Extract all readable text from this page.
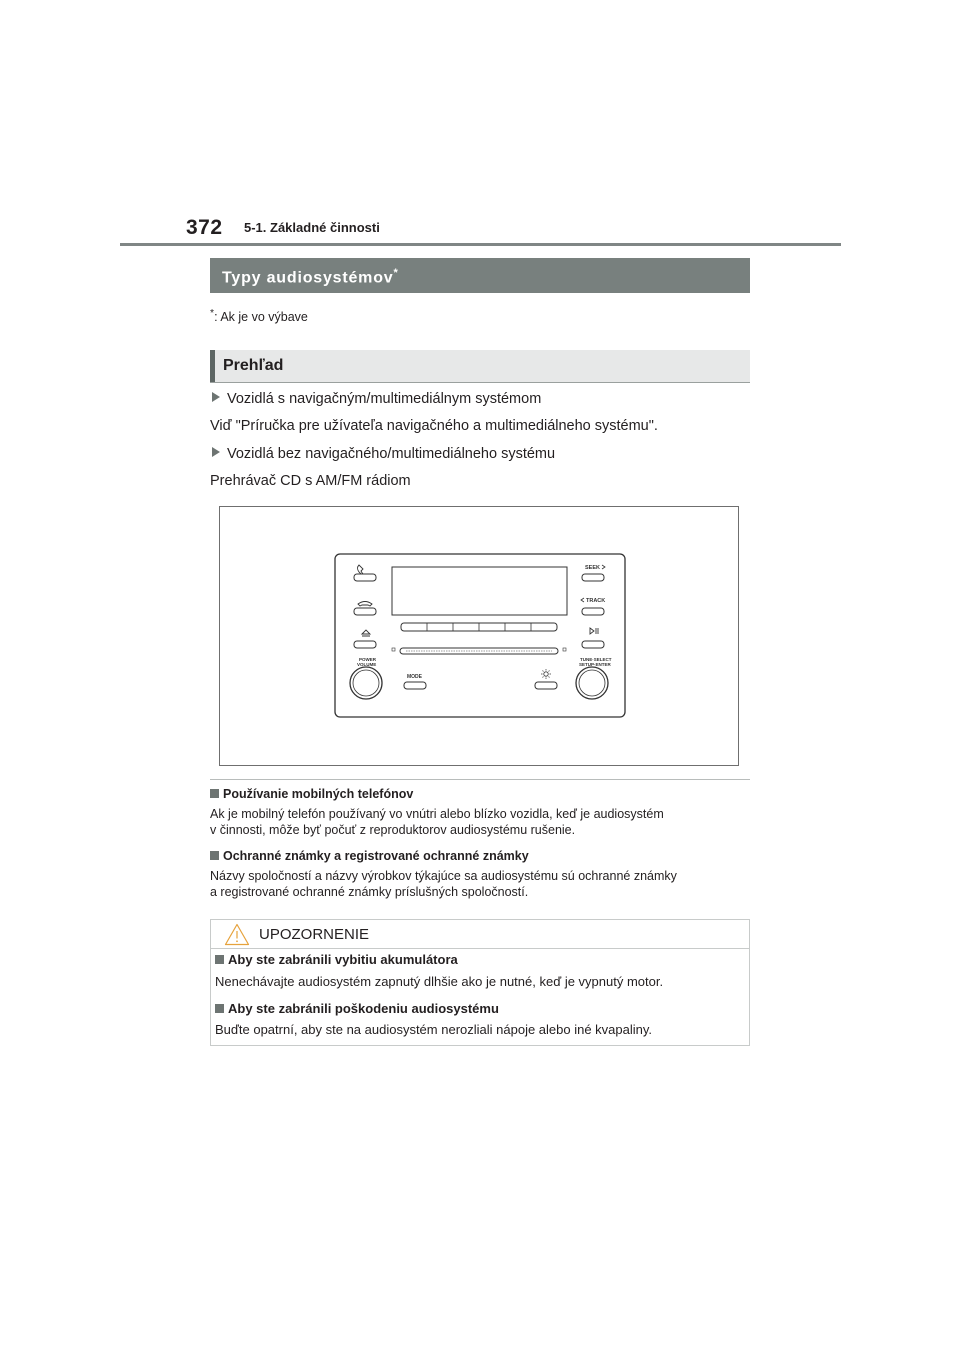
372 5-1. Základné činnosti
Typy audiosystémov*
*: Ak je vo výbave
Prehľad
Vozidlá s navigačným/multimediálnym systémom
Viď "Príručka pre užívateľa navigačného a multimediálneho systému".
Vozidlá bez navigačného/multimediálneho systému
Prehrávač CD s AM/FM rádiom
SEEK
TRACK
POWER
VOLUME
TUNE·SELECT
SETUP·ENTER
MODE
Používanie mobilných telefónov
Ak je mobilný telefón používaný vo vnútri alebo blízko vozidla, keď je audiosystém
v činnosti, môže byť počuť z reproduktorov audiosystému rušenie.
Ochranné známky a registrované ochranné známky
Názvy spoločností a názvy výrobkov týkajúce sa audiosystému sú ochranné známky
a registrované ochranné známky príslušných spoločností.
UPOZORNENIE
Aby ste zabránili vybitiu akumulátora
Nenechávajte audiosystém zapnutý dlhšie ako je nutné, keď je vypnutý motor.
Aby ste zabránili poškodeniu audiosystému
Buďte opatrní, aby ste na audiosystém nerozliali nápoje alebo iné kvapaliny.
